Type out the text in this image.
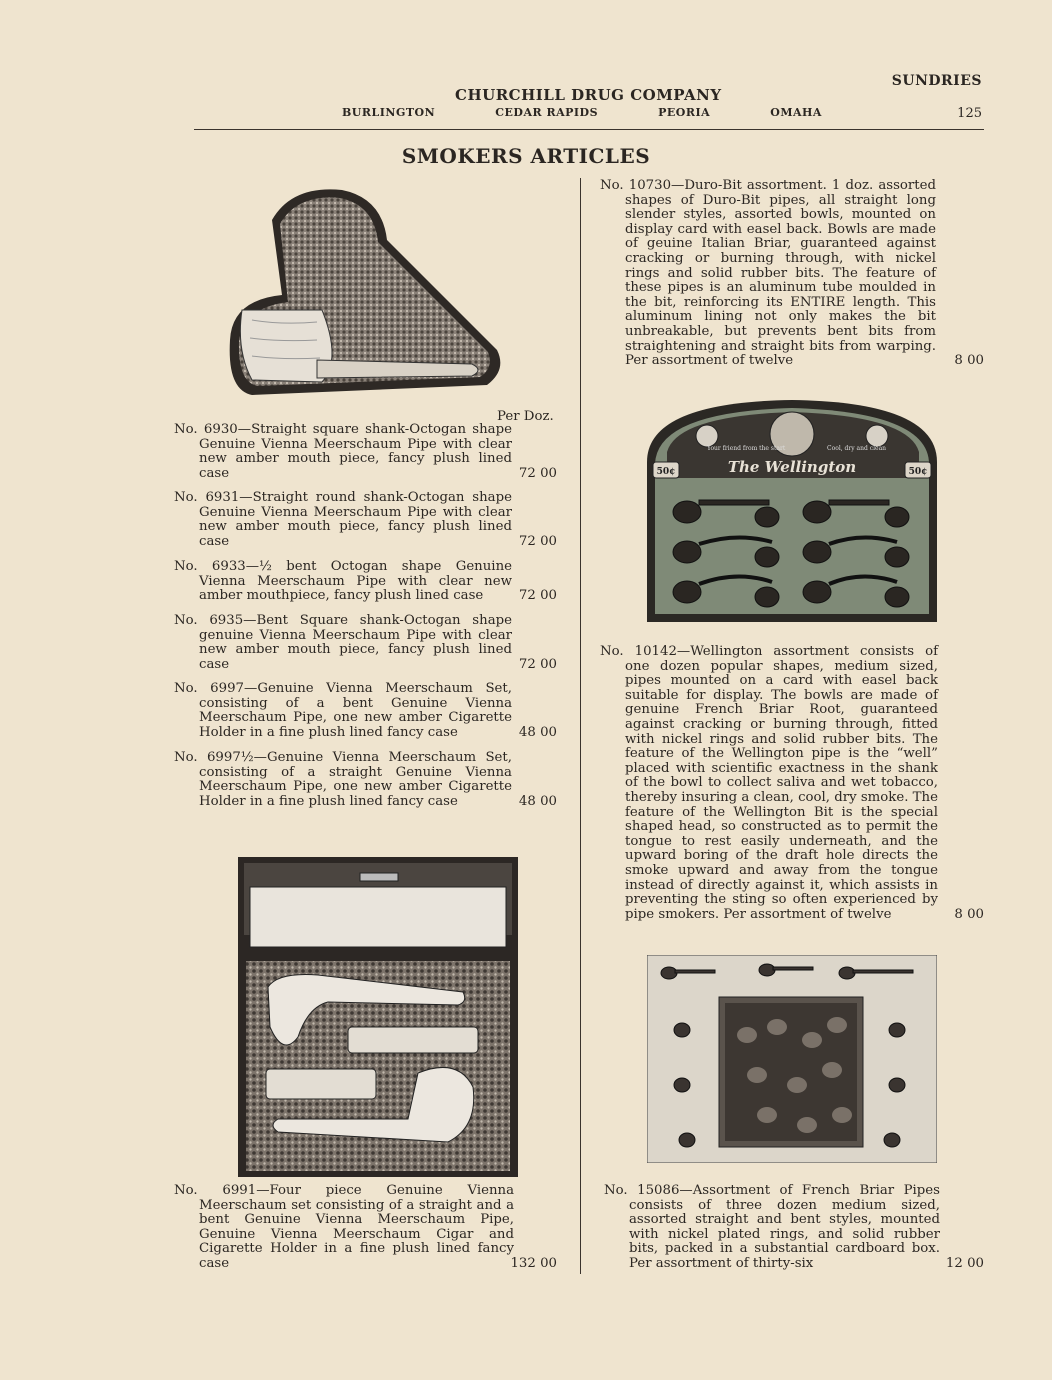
CHURCHILL DRUG COMPANY
BURLINGTON	CEDAR RAPIDS	PEORIA	OMAHA
SUNDRIES
125
SMOKERS ARTICLES
Per Doz.
No. 6930—Straight square shank-Octogan shape Genuine Vienna Meerschaum Pipe with clear new amber mouth piece, fancy plush lined case	72 00
No. 6931—Straight round shank-Octogan shape Genuine Vienna Meerschaum Pipe with clear new amber mouth piece, fancy plush lined case	72 00
No. 6933—½ bent Octogan shape Genuine Vienna Meerschaum Pipe with clear new amber mouthpiece, fancy plush lined case	72 00
No. 6935—Bent Square shank-Octogan shape genuine Vienna Meerschaum Pipe with clear new amber mouth piece, fancy plush lined case	72 00
No. 6997—Genuine Vienna Meerschaum Set, consisting of a bent Genuine Vienna Meerschaum Pipe, one new amber Cigarette Holder in a fine plush lined fancy case	48 00
No. 6997½—Genuine Vienna Meerschaum Set, consisting of a straight Genuine Vienna Meerschaum Pipe, one new amber Cigarette Holder in a fine plush lined fancy case	48 00
No. 6991—Four piece Genuine Vienna Meerschaum set consisting of a straight and a bent Genuine Vienna Meerschaum Pipe, Genuine Vienna Meerschaum Cigar and Cigarette Holder in a fine plush lined fancy case	132 00
No. 10730—Duro-Bit assortment. 1 doz. assorted shapes of Duro-Bit pipes, all straight long slender styles, assorted bowls, mounted on display card with easel back. Bowls are made of geuine Italian Briar, guaranteed against cracking or burning through, with nickel rings and solid rubber bits. The feature of these pipes is an aluminum tube moulded in the bit, reinforcing its ENTIRE length. This aluminum lining not only makes the bit unbreakable, but prevents bent bits from straightening and straight bits from warping. Per assortment of twelve	8 00
Your friend from the start	Cool, dry and clean
The Wellington
50¢	50¢
No. 10142—Wellington assortment consists of one dozen popular shapes, medium sized, pipes mounted on a card with easel back suitable for display. The bowls are made of genuine French Briar Root, guaranteed against cracking or burning through, fitted with nickel rings and solid rubber bits. The feature of the Wellington pipe is the “well” placed with scientific exactness in the shank of the bowl to collect saliva and wet tobacco, thereby insuring a clean, cool, dry smoke. The feature of the Wellington Bit is the special shaped head, so constructed as to permit the tongue to rest easily underneath, and the upward boring of the draft hole directs the smoke upward and away from the tongue instead of directly against it, which assists in preventing the sting so often experienced by pipe smokers. Per assortment of twelve	8 00
No. 15086—Assortment of French Briar Pipes consists of three dozen medium sized, assorted straight and bent styles, mounted with nickel plated rings, and solid rubber bits, packed in a substantial cardboard box. Per assortment of thirty-six	12 00
